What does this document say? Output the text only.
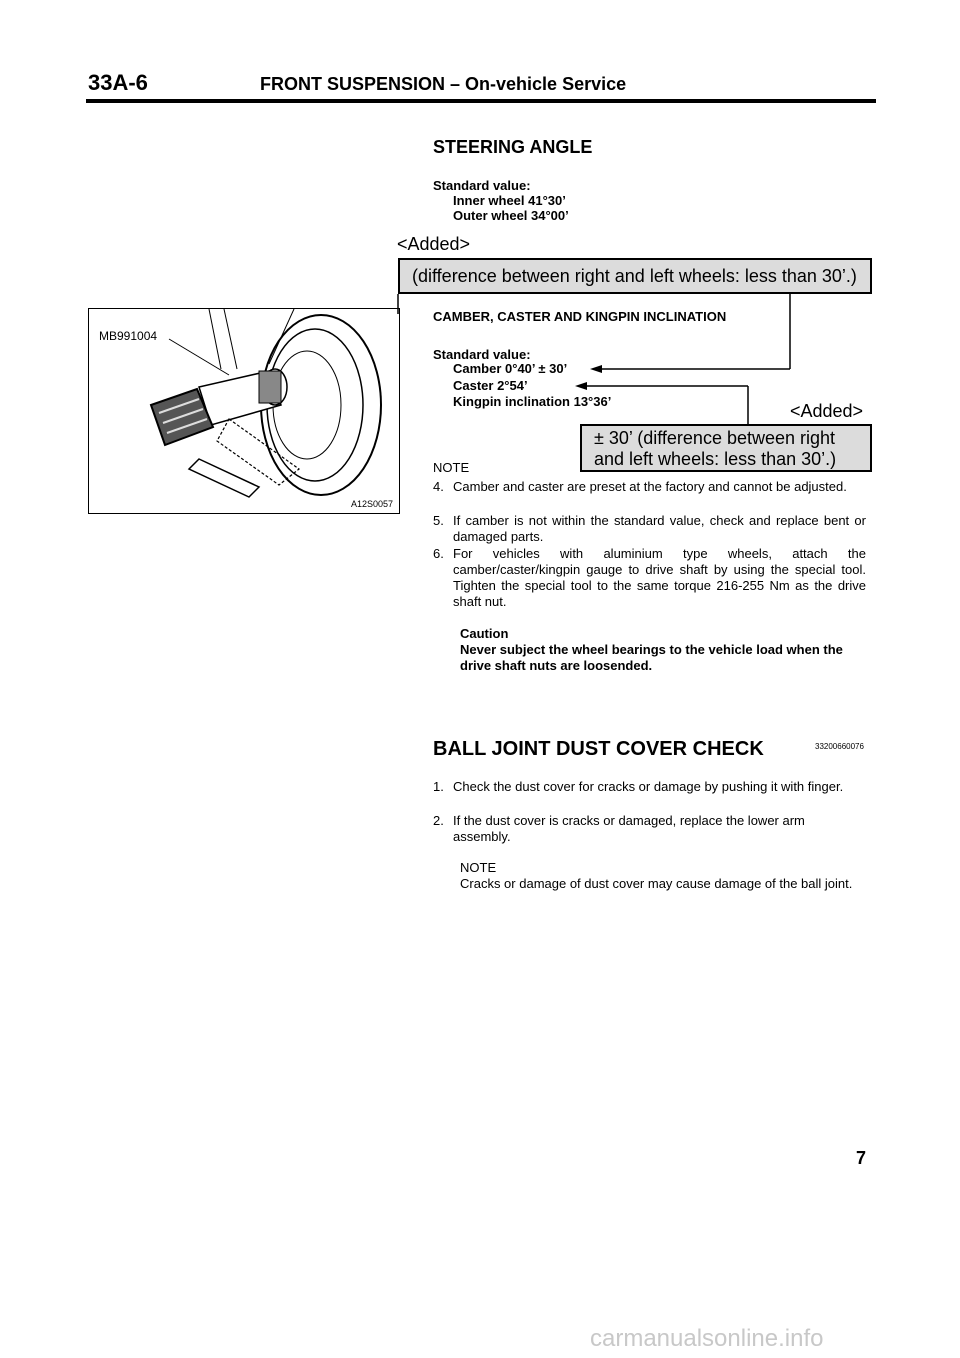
33A-6	FRONT SUSPENSION – On-vehicle Service
STEERING ANGLE
Standard value:
Inner wheel 41°30’
Outer wheel 34°00’
<Added>
(difference between right and left wheels: less than 30’.)
MB991004
A12S0057
CAMBER, CASTER AND KINGPIN INCLINATION
Standard value:
Camber 0°40’ ± 30’
Caster 2°54’
Kingpin inclination 13°36’	<Added>
± 30’ (difference between right
and left wheels: less than 30’.)
NOTE
4. Camber and caster are preset at the factory and cannot be adjusted.
5. If camber is not within the standard value, check and replace bent or damaged parts.
6. For vehicles with aluminium type wheels, attach the camber/caster/kingpin gauge to drive shaft by using the special tool. Tighten the special tool to the same torque 216-255 Nm as the drive shaft nut.
Caution
Never subject the wheel bearings to the vehicle load when the drive shaft nuts are loosended.
BALL JOINT DUST COVER CHECK	33200660076
1. Check the dust cover for cracks or damage by pushing it with finger.
2. If the dust cover is cracks or damaged, replace the lower arm assembly.
NOTE
Cracks or damage of dust cover may cause damage of the ball joint.
7
carmanualsonline.info
